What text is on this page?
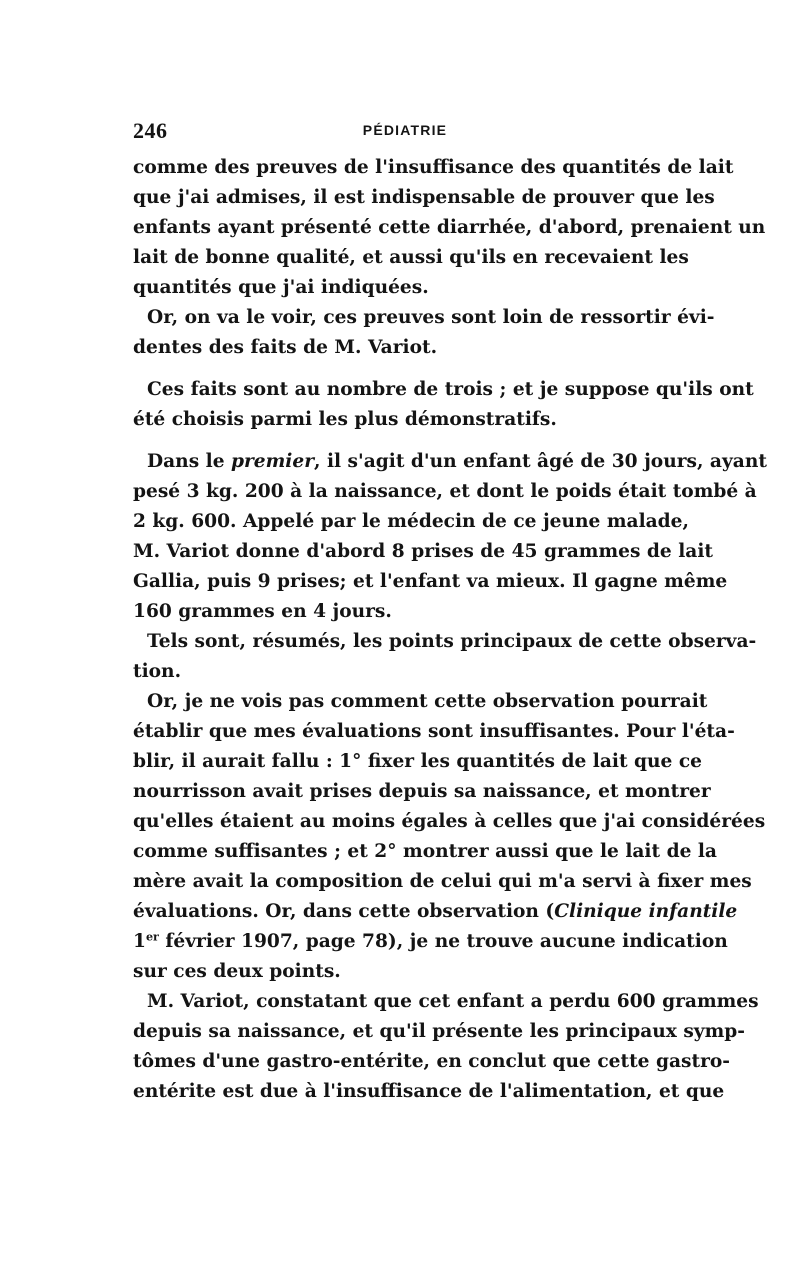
246	PÉDIATRIE
comme des preuves de l'insuffisance des quantités de lait
que j'ai admises, il est indispensable de prouver que les
enfants ayant présenté cette diarrhée, d'abord, prenaient un
lait de bonne qualité, et aussi qu'ils en recevaient les
quantités que j'ai indiquées.
Or, on va le voir, ces preuves sont loin de ressortir évi-
dentes des faits de M. Variot.
Ces faits sont au nombre de trois ; et je suppose qu'ils ont
été choisis parmi les plus démonstratifs.
Dans le premier, il s'agit d'un enfant âgé de 30 jours, ayant
pesé 3 kg. 200 à la naissance, et dont le poids était tombé à
2 kg. 600. Appelé par le médecin de ce jeune malade,
M. Variot donne d'abord 8 prises de 45 grammes de lait
Gallia, puis 9 prises; et l'enfant va mieux. Il gagne même
160 grammes en 4 jours.
Tels sont, résumés, les points principaux de cette observa-
tion.
Or, je ne vois pas comment cette observation pourrait
établir que mes évaluations sont insuffisantes. Pour l'éta-
blir, il aurait fallu : 1° fixer les quantités de lait que ce
nourrisson avait prises depuis sa naissance, et montrer
qu'elles étaient au moins égales à celles que j'ai considérées
comme suffisantes ; et 2° montrer aussi que le lait de la
mère avait la composition de celui qui m'a servi à fixer mes
évaluations. Or, dans cette observation (Clinique infantile
1er février 1907, page 78), je ne trouve aucune indication
sur ces deux points.
M. Variot, constatant que cet enfant a perdu 600 grammes
depuis sa naissance, et qu'il présente les principaux symp-
tômes d'une gastro-entérite, en conclut que cette gastro-
entérite est due à l'insuffisance de l'alimentation, et que
